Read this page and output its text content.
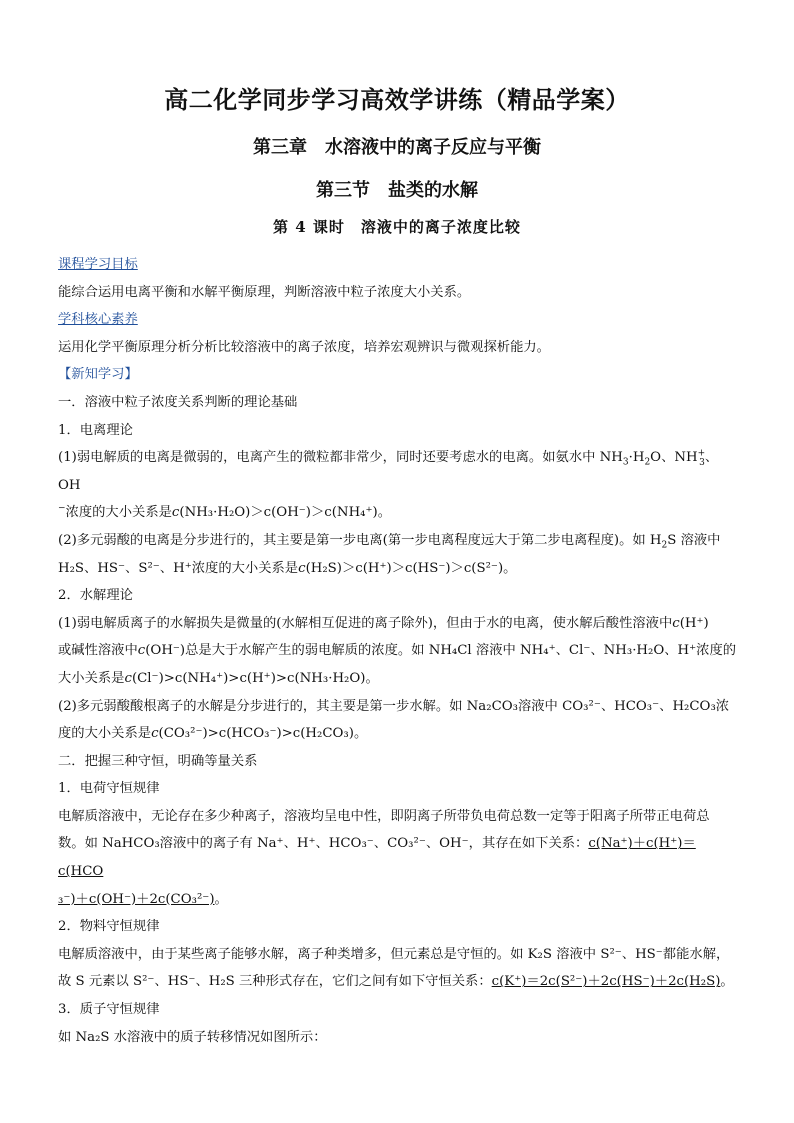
高二化学同步学习高效学讲练（精品学案）
第三章　水溶液中的离子反应与平衡
第三节　盐类的水解
第 4 课时　溶液中的离子浓度比较

课程学习目标

能综合运用电离平衡和水解平衡原理，判断溶液中粒子浓度大小关系。

学科核心素养

运用化学平衡原理分析分析比较溶液中的离子浓度，培养宏观辨识与微观探析能力。

【新知学习】

一．溶液中粒子浓度关系判断的理论基础

1．电离理论

(1)弱电解质的电离是微弱的，电离产生的微粒都非常少，同时还要考虑水的电离。如氨水中 $NH_3\cdot H_2O$、$NH^+_3$、OH

−浓度的大小关系是c(NH₃·H₂O)＞c(OH⁻)＞c(NH₄⁺)。

(2)多元弱酸的电离是分步进行的，其主要是第一步电离(第一步电离程度远大于第二步电离程度)。如 $H_2S$ 溶液中

H₂S、HS⁻、S²⁻、H⁺浓度的大小关系是c(H₂S)＞c(H⁺)＞c(HS⁻)＞c(S²⁻)。

2．水解理论

(1)弱电解质离子的水解损失是微量的(水解相互促进的离子除外)，但由于水的电离，使水解后酸性溶液中c(H⁺)

或碱性溶液中c(OH⁻)总是大于水解产生的弱电解质的浓度。如 NH₄Cl 溶液中 NH₄⁺、Cl⁻、NH₃·H₂O、H⁺浓度的

大小关系是c(Cl⁻)>c(NH₄⁺)>c(H⁺)>c(NH₃·H₂O)。

(2)多元弱酸酸根离子的水解是分步进行的，其主要是第一步水解。如 Na₂CO₃溶液中 CO₃²⁻、HCO₃⁻、H₂CO₃浓

度的大小关系是c(CO₃²⁻)>c(HCO₃⁻)>c(H₂CO₃)。

二．把握三种守恒，明确等量关系

1．电荷守恒规律

电解质溶液中，无论存在多少种离子，溶液均呈电中性，即阴离子所带负电荷总数一定等于阳离子所带正电荷总

数。如 NaHCO₃溶液中的离子有 Na⁺、H⁺、HCO₃⁻、CO₃²⁻、OH⁻，其存在如下关系：c(Na⁺)＋c(H⁺)＝c(HCO

₃⁻)＋c(OH⁻)＋2c(CO₃²⁻)。

2．物料守恒规律

电解质溶液中，由于某些离子能够水解，离子种类增多，但元素总是守恒的。如 K₂S 溶液中 S²⁻、HS⁻都能水解，

故 S 元素以 S²⁻、HS⁻、H₂S 三种形式存在，它们之间有如下守恒关系：c(K⁺)＝2c(S²⁻)＋2c(HS⁻)＋2c(H₂S)。

3．质子守恒规律

如 Na₂S 水溶液中的质子转移情况如图所示：
